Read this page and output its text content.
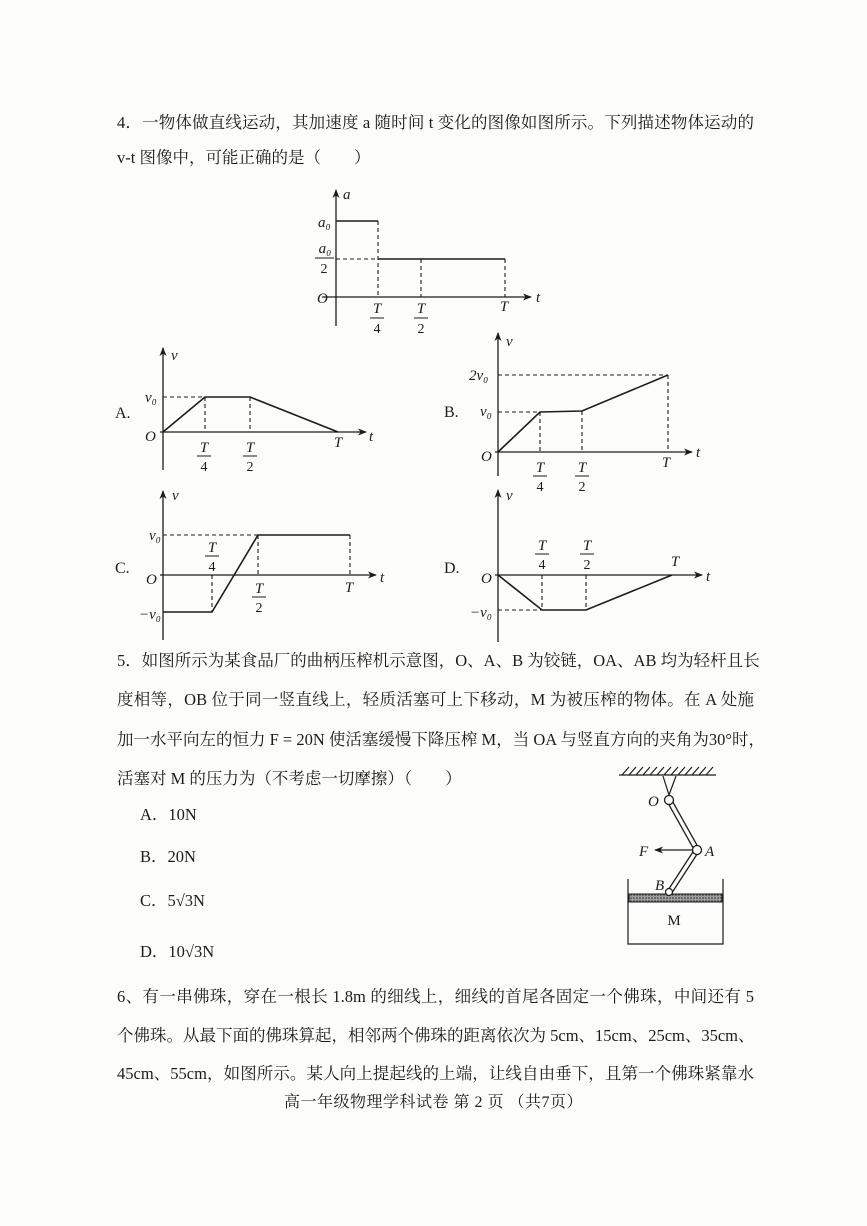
4．一物体做直线运动，其加速度 a 随时间 t 变化的图像如图所示。下列描述物体运动的
v-t 图像中，可能正确的是（　　）
5．如图所示为某食品厂的曲柄压榨机示意图，O、A、B 为铰链，OA、AB 均为轻杆且长
度相等，OB 位于同一竖直线上，轻质活塞可上下移动，M 为被压榨的物体。在 A 处施
加一水平向左的恒力 F = 20N 使活塞缓慢下降压榨 M，当 OA 与竖直方向的夹角为30°时，
活塞对 M 的压力为（不考虑一切摩擦）（　　）
A．10N
B．20N
C．5√3N
D．10√3N
6、有一串佛珠，穿在一根长 1.8m 的细线上，细线的首尾各固定一个佛珠，中间还有 5
个佛珠。从最下面的佛珠算起，相邻两个佛珠的距离依次为 5cm、15cm、25cm、35cm、
45cm、55cm，如图所示。某人向上提起线的上端，让线自由垂下，且第一个佛珠紧靠水
高一年级物理学科试卷 第 2 页 （共7页）
a
t
O
a₀
a₀
2
T
4
T
2
T
A.
v
t
O
v₀
T
4
T
2
T
B.
v
t
O
2v₀
v₀
T
4
T
2
T
C.
v
t
O
v₀
−v₀
T
4
T
2
T
D.
v
t
O
−v₀
T
4
T
2	T
O
A
B
F
M
